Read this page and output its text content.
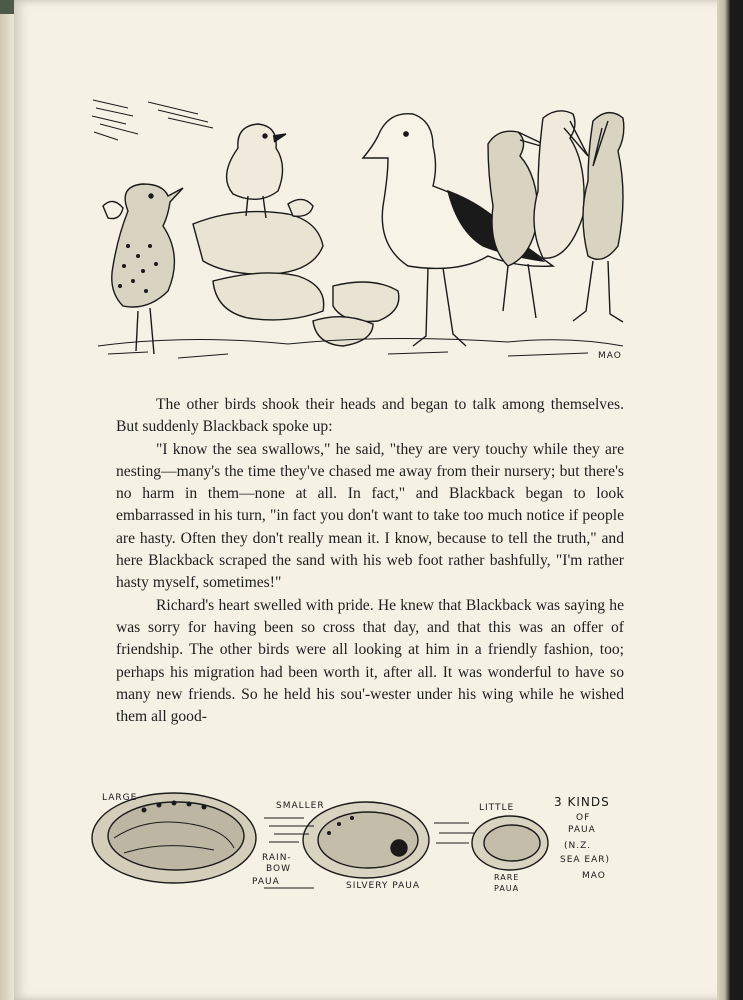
MAO

The other birds shook their heads and began to talk among themselves. But suddenly Blackback spoke up:

"I know the sea swallows," he said, "they are very touchy while they are nesting—many's the time they've chased me away from their nursery; but there's no harm in them—none at all. In fact," and Blackback began to look embarrassed in his turn, "in fact you don't want to take too much notice if people are hasty. Often they don't really mean it. I know, because to tell the truth," and here Blackback scraped the sand with his web foot rather bashfully, "I'm rather hasty myself, sometimes!"

Richard's heart swelled with pride. He knew that Blackback was saying he was sorry for having been so cross that day, and that this was an offer of friendship. The other birds were all looking at him in a friendly fashion, too; perhaps his migration had been worth it, after all. It was wonderful to have so many new friends. So he held his sou'-wester under his wing while he wished them all good-

LARGE
SMALLER	LITTLE	3 KINDS
OF
PAUA
(N.Z.
SEA EAR)
RAIN-
BOW
PAUA	SILVERY PAUA
RARE
PAUA
MAO
